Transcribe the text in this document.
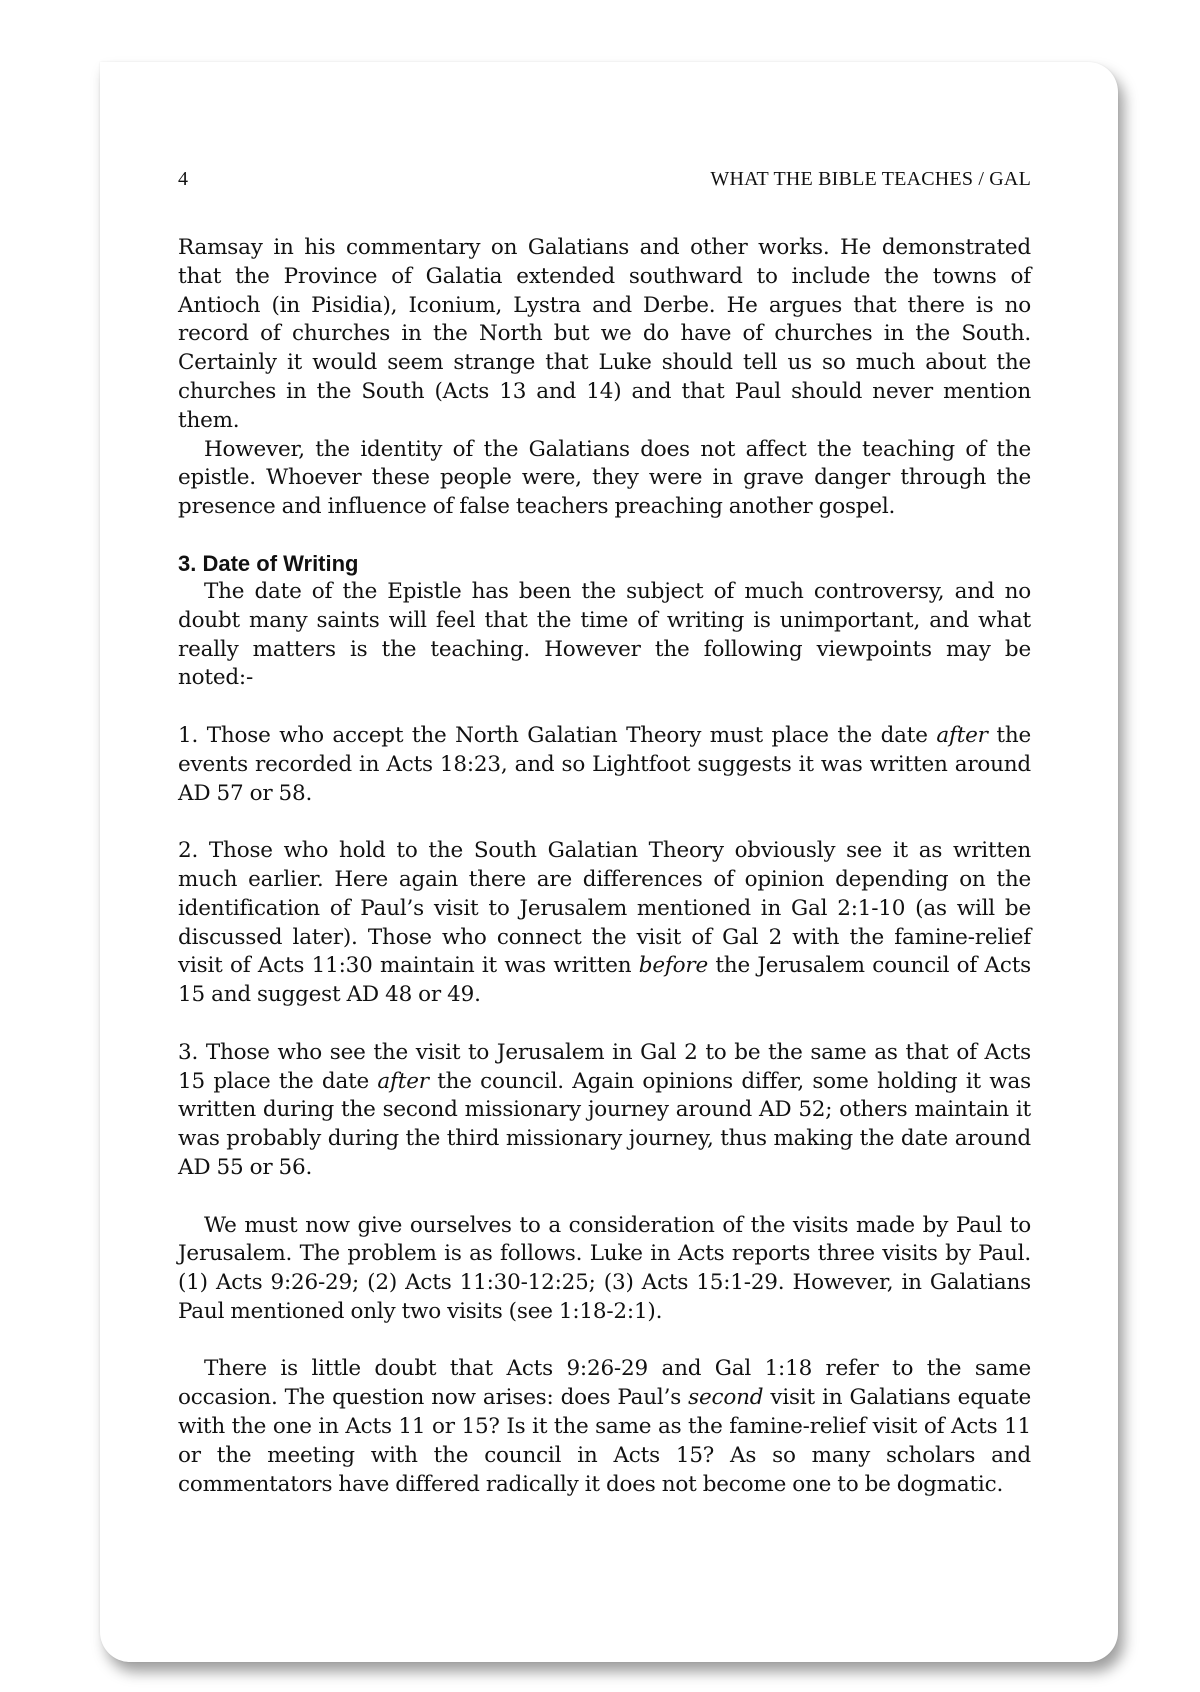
4	WHAT THE BIBLE TEACHES / GAL

Ramsay in his commentary on Galatians and other works. He demonstrated that the Province of Galatia extended southward to include the towns of Antioch (in Pisidia), Iconium, Lystra and Derbe. He argues that there is no record of churches in the North but we do have of churches in the South. Certainly it would seem strange that Luke should tell us so much about the churches in the South (Acts 13 and 14) and that Paul should never mention them.

However, the identity of the Galatians does not affect the teaching of the epistle. Whoever these people were, they were in grave danger through the presence and influence of false teachers preaching another gospel.

3. Date of Writing

The date of the Epistle has been the subject of much controversy, and no doubt many saints will feel that the time of writing is unimportant, and what really matters is the teaching. However the following viewpoints may be noted:-

1. Those who accept the North Galatian Theory must place the date after the events recorded in Acts 18:23, and so Lightfoot suggests it was written around AD 57 or 58.

2. Those who hold to the South Galatian Theory obviously see it as written much earlier. Here again there are differences of opinion depending on the identification of Paul’s visit to Jerusalem mentioned in Gal 2:1-10 (as will be discussed later). Those who connect the visit of Gal 2 with the famine-relief visit of Acts 11:30 maintain it was written before the Jerusalem council of Acts 15 and suggest AD 48 or 49.

3. Those who see the visit to Jerusalem in Gal 2 to be the same as that of Acts 15 place the date after the council. Again opinions differ, some holding it was written during the second missionary journey around AD 52; others maintain it was probably during the third missionary journey, thus making the date around AD 55 or 56.

We must now give ourselves to a consideration of the visits made by Paul to Jerusalem. The problem is as follows. Luke in Acts reports three visits by Paul. (1) Acts 9:26-29; (2) Acts 11:30-12:25; (3) Acts 15:1-29. However, in Galatians Paul mentioned only two visits (see 1:18-2:1).

There is little doubt that Acts 9:26-29 and Gal 1:18 refer to the same occasion. The question now arises: does Paul’s second visit in Galatians equate with the one in Acts 11 or 15? Is it the same as the famine-relief visit of Acts 11 or the meeting with the council in Acts 15? As so many scholars and commentators have differed radically it does not become one to be dogmatic.
